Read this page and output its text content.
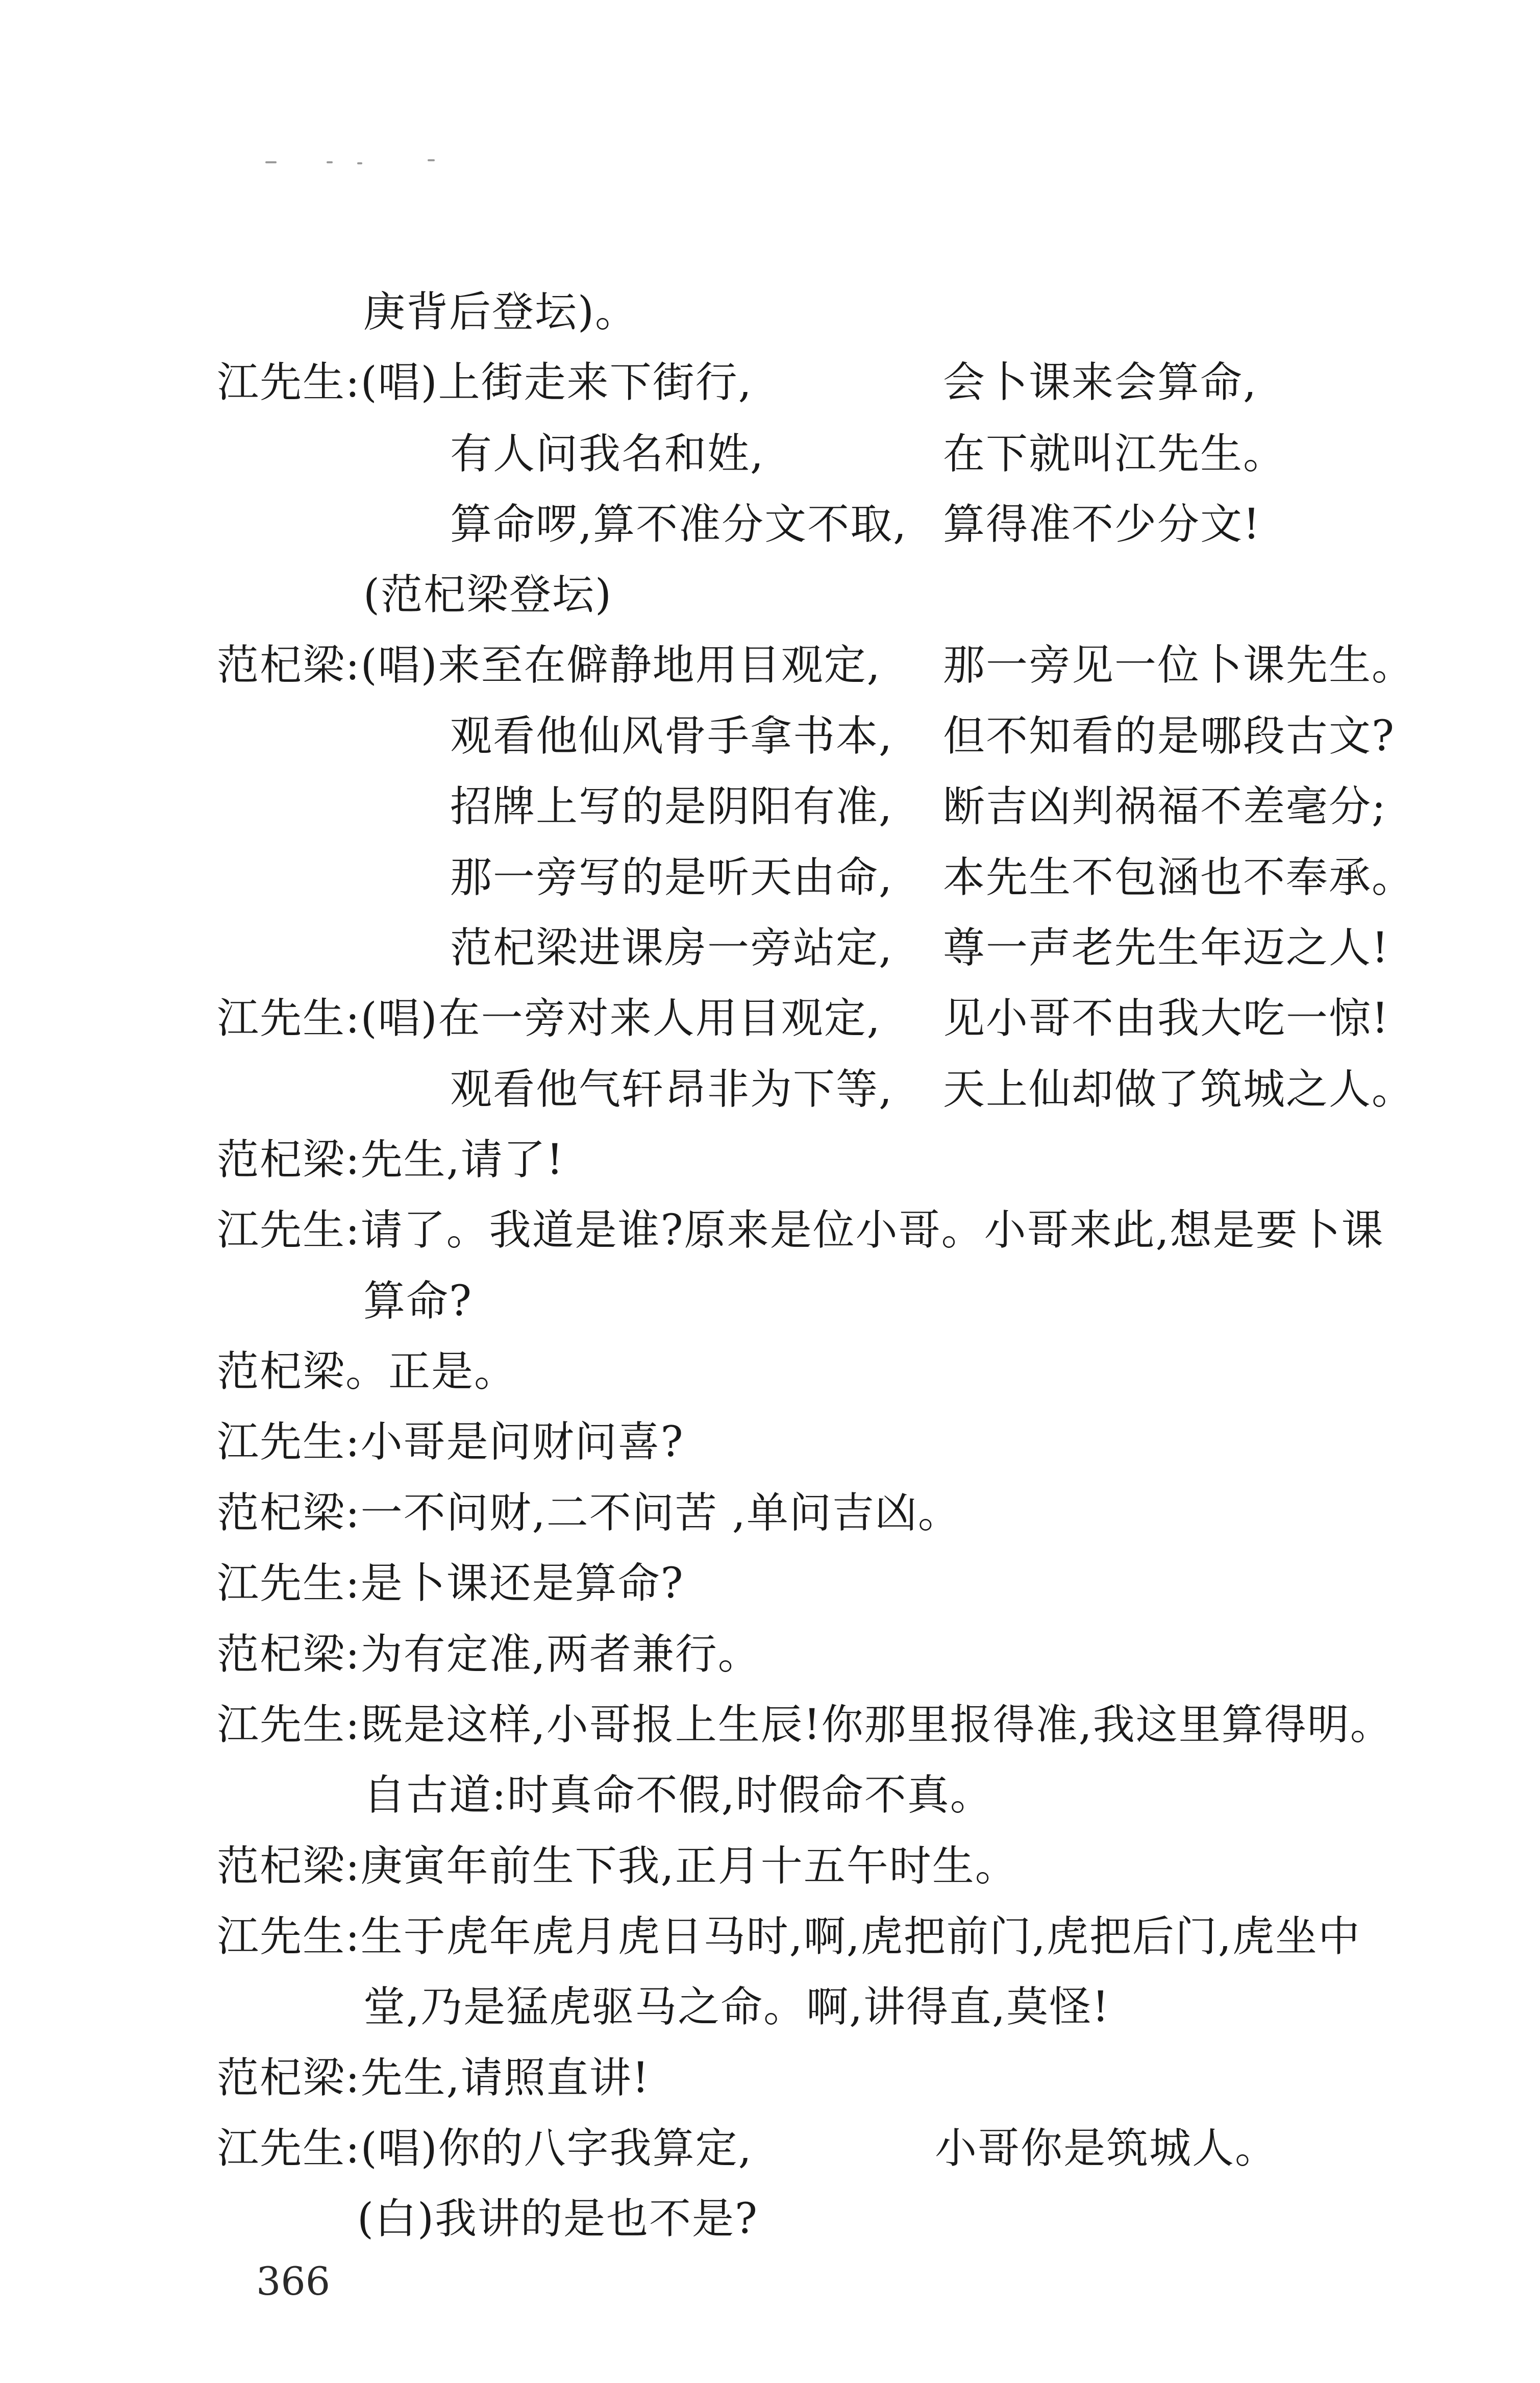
庚背后登坛)。
江先生:(唱)上街走来下街行,	会卜课来会算命,
有人问我名和姓,	在下就叫江先生。
算命啰,算不准分文不取, 算得准不少分文!
(范杞梁登坛)
范杞梁:(唱)来至在僻静地用目观定, 那一旁见一位卜课先生。
观看他仙风骨手拿书本, 但不知看的是哪段古文?
招牌上写的是阴阳有准, 断吉凶判祸福不差毫分;
那一旁写的是听天由命, 本先生不包涵也不奉承。
范杞梁进课房一旁站定, 尊一声老先生年迈之人!
江先生:(唱)在一旁对来人用目观定, 见小哥不由我大吃一惊!
观看他气轩昂非为下等, 天上仙却做了筑城之人。
范杞梁:先生,请了!
江先生:请了。我道是谁?原来是位小哥。小哥来此,想是要卜课
算命?
范杞梁。正是。
江先生:小哥是问财问喜?
范杞梁:一不问财,二不问苦 ,单问吉凶。
江先生:是卜课还是算命?
范杞梁:为有定准,两者兼行。
江先生:既是这样,小哥报上生辰!你那里报得准,我这里算得明。
自古道:时真命不假,时假命不真。
范杞梁:庚寅年前生下我,正月十五午时生。
江先生:生于虎年虎月虎日马时,啊,虎把前门,虎把后门,虎坐中
堂,乃是猛虎驱马之命。啊,讲得直,莫怪!
范杞梁:先生,请照直讲!
江先生:(唱)你的八字我算定,	小哥你是筑城人。
(白)我讲的是也不是?
366
